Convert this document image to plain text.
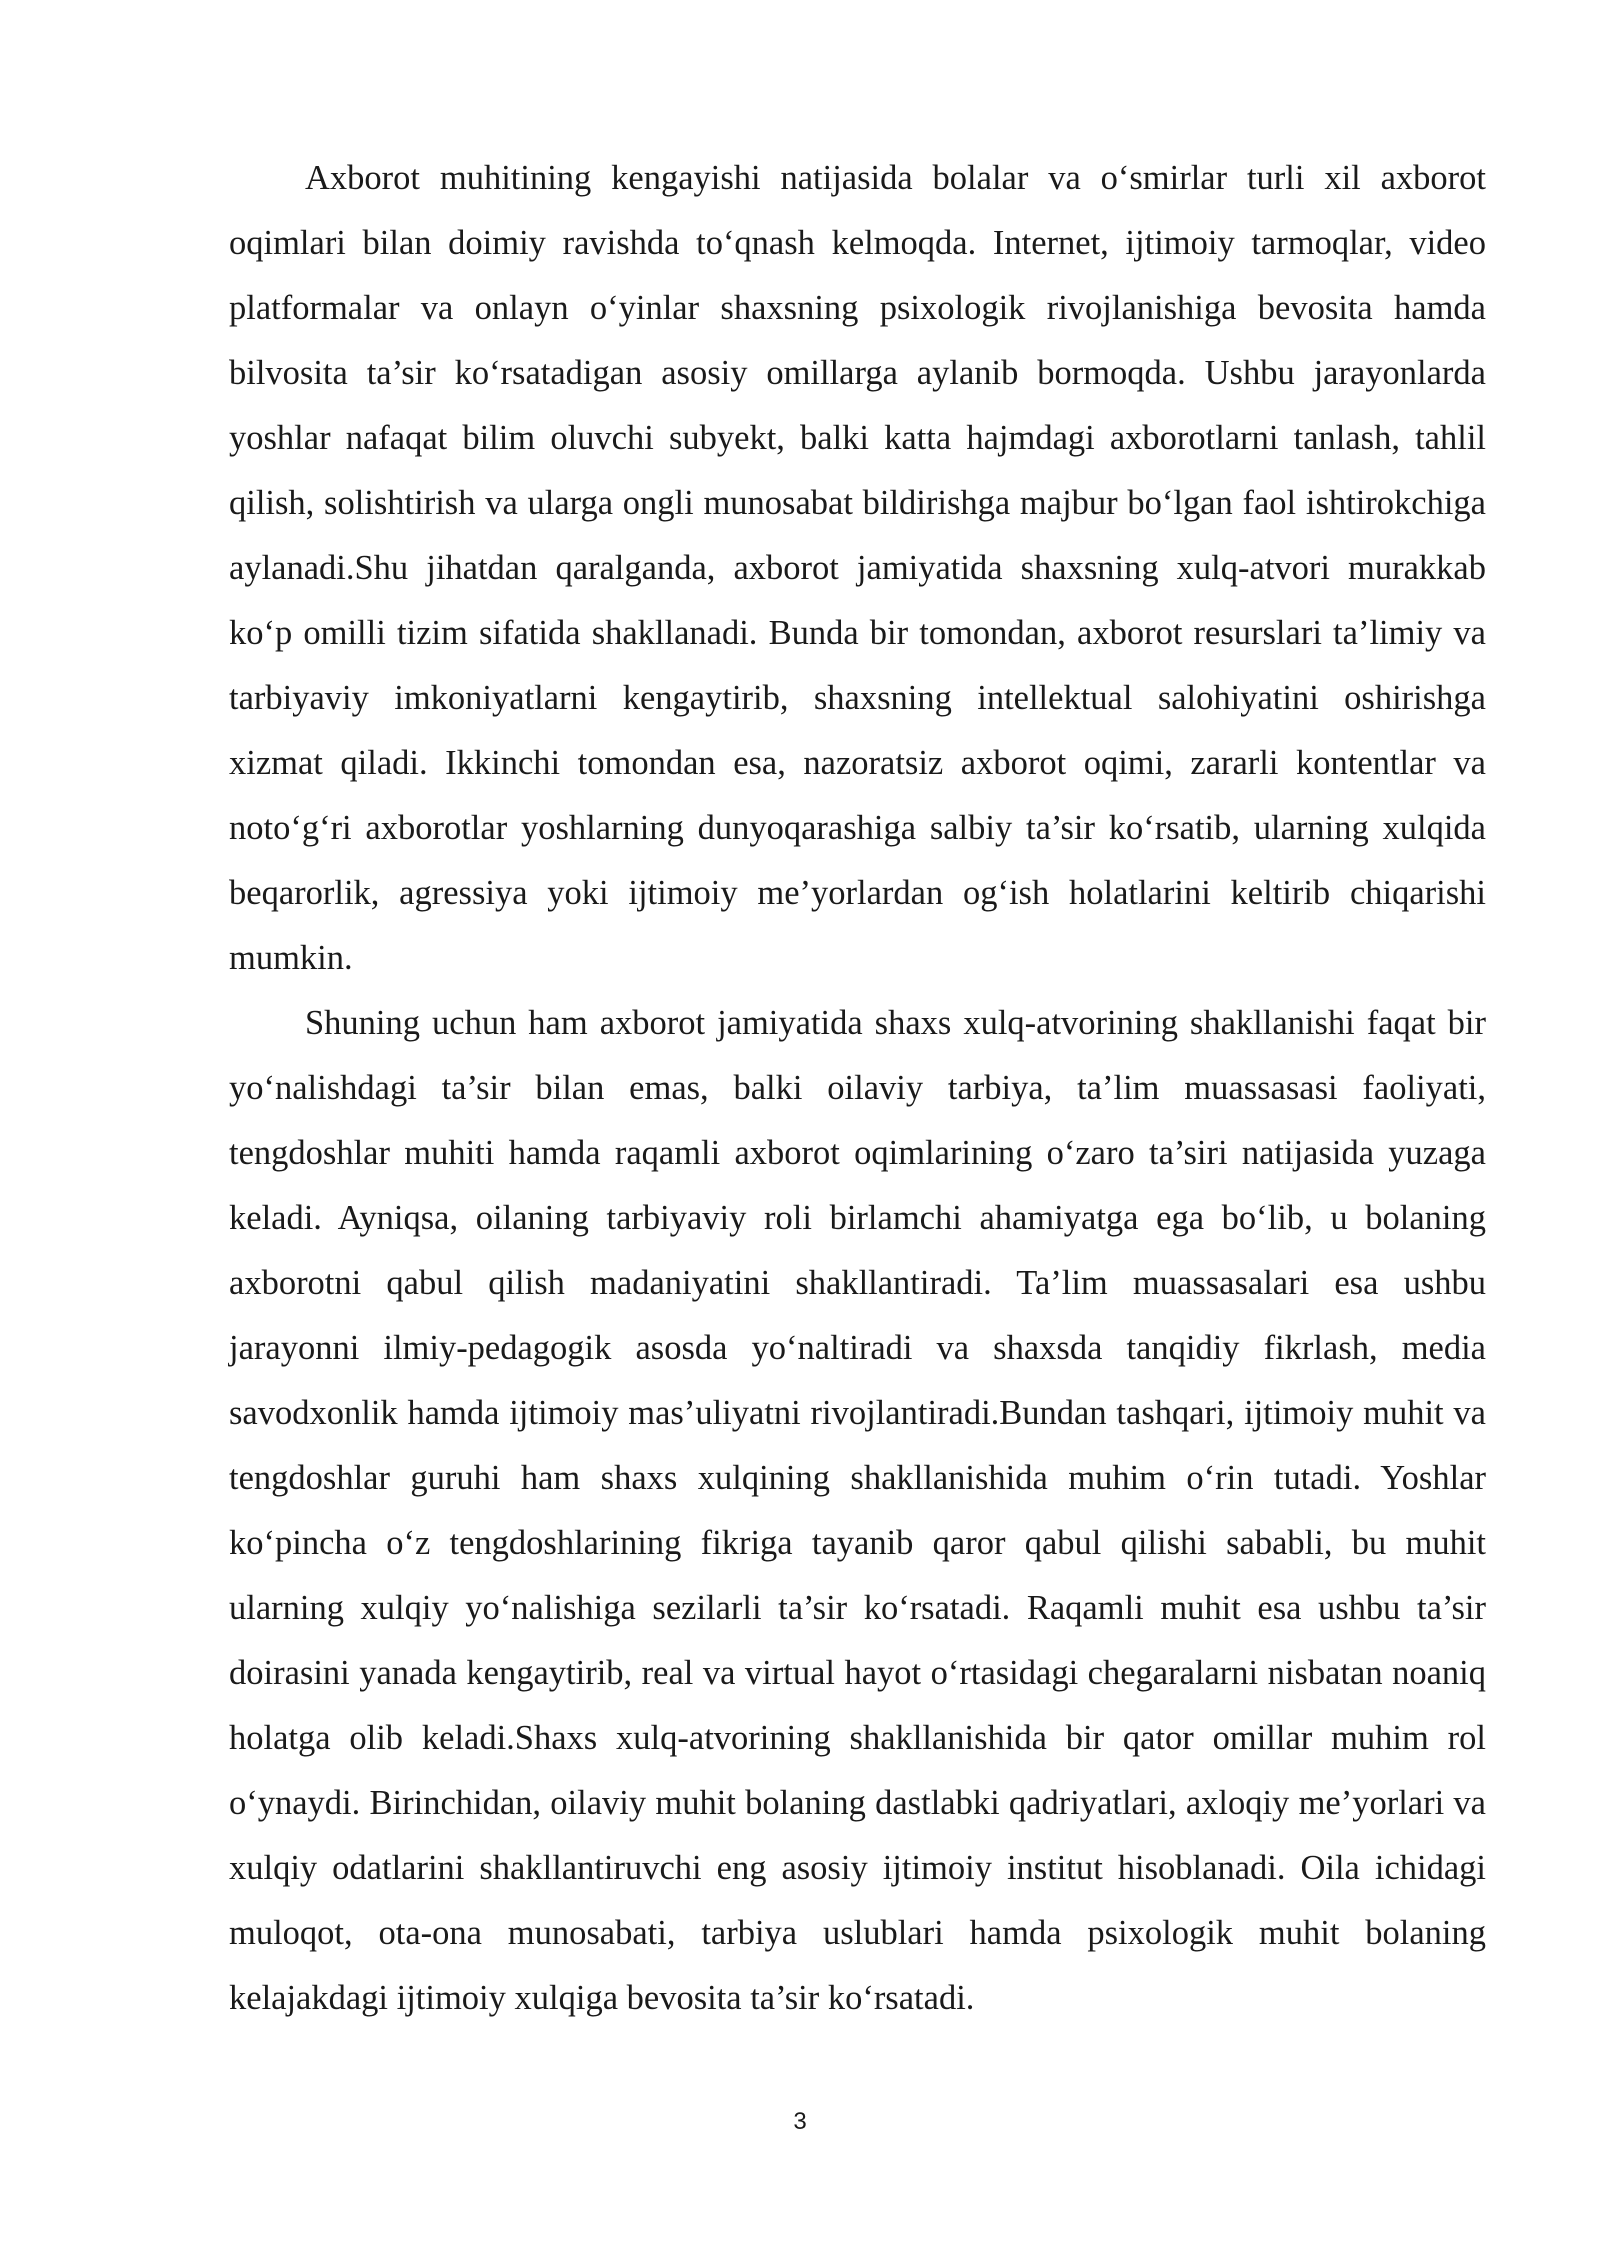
Axborot muhitining kengayishi natijasida bolalar va o‘smirlar turli xil axborot oqimlari bilan doimiy ravishda to‘qnash kelmoqda. Internet, ijtimoiy tarmoqlar, video platformalar va onlayn o‘yinlar shaxsning psixologik rivojlanishiga bevosita hamda bilvosita ta’sir ko‘rsatadigan asosiy omillarga aylanib bormoqda. Ushbu jarayonlarda yoshlar nafaqat bilim oluvchi subyekt, balki katta hajmdagi axborotlarni tanlash, tahlil qilish, solishtirish va ularga ongli munosabat bildirishga majbur bo‘lgan faol ishtirokchiga aylanadi.Shu jihatdan qaralganda, axborot jamiyatida shaxsning xulq-atvori murakkab ko‘p omilli tizim sifatida shakllanadi. Bunda bir tomondan, axborot resurslari ta’limiy va tarbiyaviy imkoniyatlarni kengaytirib, shaxsning intellektual salohiyatini oshirishga xizmat qiladi. Ikkinchi tomondan esa, nazoratsiz axborot oqimi, zararli kontentlar va noto‘g‘ri axborotlar yoshlarning dunyoqarashiga salbiy ta’sir ko‘rsatib, ularning xulqida beqarorlik, agressiya yoki ijtimoiy me’yorlardan og‘ish holatlarini keltirib chiqarishi mumkin.

Shuning uchun ham axborot jamiyatida shaxs xulq-atvorining shakllanishi faqat bir yo‘nalishdagi ta’sir bilan emas, balki oilaviy tarbiya, ta’lim muassasasi faoliyati, tengdoshlar muhiti hamda raqamli axborot oqimlarining o‘zaro ta’siri natijasida yuzaga keladi. Ayniqsa, oilaning tarbiyaviy roli birlamchi ahamiyatga ega bo‘lib, u bolaning axborotni qabul qilish madaniyatini shakllantiradi. Ta’lim muassasalari esa ushbu jarayonni ilmiy-pedagogik asosda yo‘naltiradi va shaxsda tanqidiy fikrlash, media savodxonlik hamda ijtimoiy mas’uliyatni rivojlantiradi.Bundan tashqari, ijtimoiy muhit va tengdoshlar guruhi ham shaxs xulqining shakllanishida muhim o‘rin tutadi. Yoshlar ko‘pincha o‘z tengdoshlarining fikriga tayanib qaror qabul qilishi sababli, bu muhit ularning xulqiy yo‘nalishiga sezilarli ta’sir ko‘rsatadi. Raqamli muhit esa ushbu ta’sir doirasini yanada kengaytirib, real va virtual hayot o‘rtasidagi chegaralarni nisbatan noaniq holatga olib keladi.Shaxs xulq-atvorining shakllanishida bir qator omillar muhim rol o‘ynaydi. Birinchidan, oilaviy muhit bolaning dastlabki qadriyatlari, axloqiy me’yorlari va xulqiy odatlarini shakllantiruvchi eng asosiy ijtimoiy institut hisoblanadi. Oila ichidagi muloqot, ota-ona munosabati, tarbiya uslublari hamda psixologik muhit bolaning kelajakdagi ijtimoiy xulqiga bevosita ta’sir ko‘rsatadi.

3
